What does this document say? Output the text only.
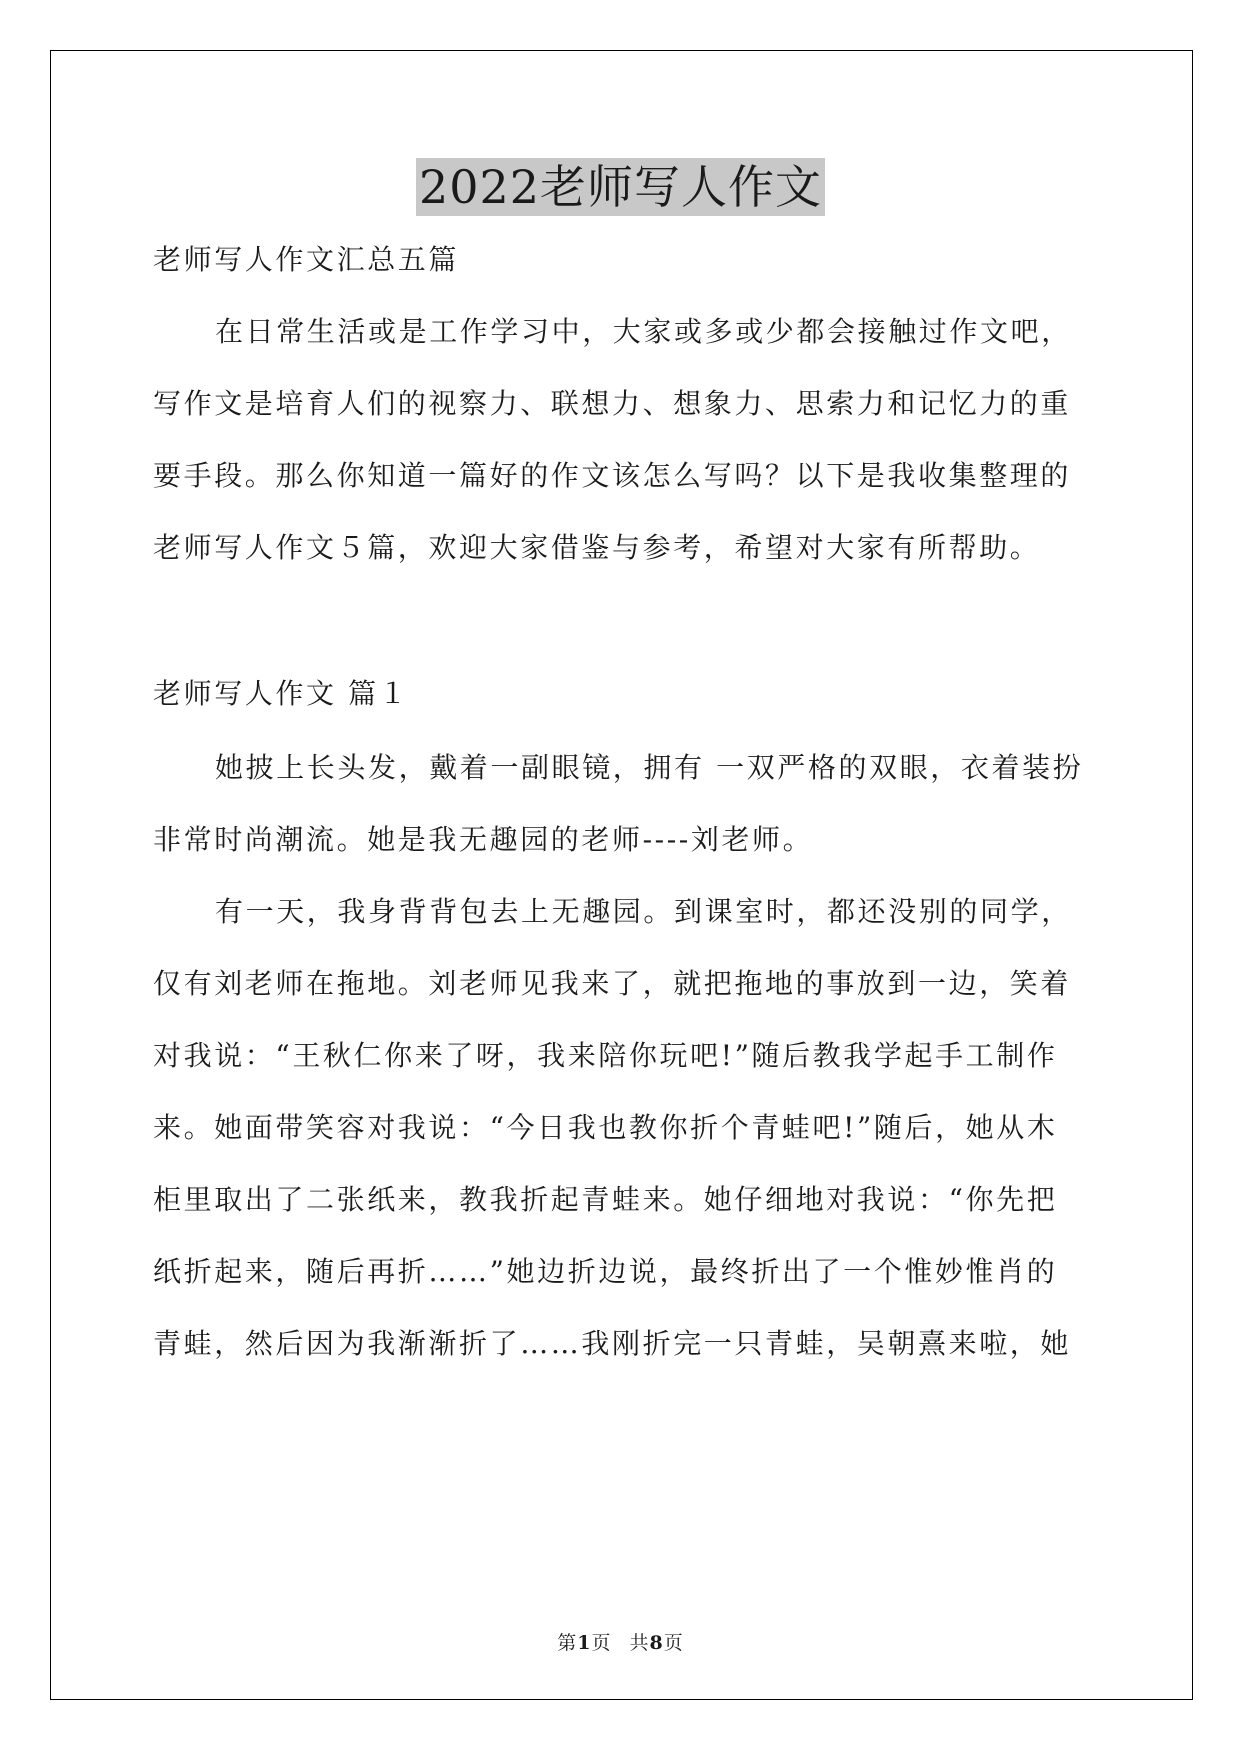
2022老师写人作文
老师写人作文汇总五篇
在日常生活或是工作学习中，大家或多或少都会接触过作文吧，
写作文是培育人们的视察力、联想力、想象力、思索力和记忆力的重
要手段。那么你知道一篇好的作文该怎么写吗？以下是我收集整理的
老师写人作文５篇，欢迎大家借鉴与参考，希望对大家有所帮助。
老师写人作文 篇１
她披上长头发，戴着一副眼镜，拥有 一双严格的双眼，衣着装扮
非常时尚潮流。她是我无趣园的老师----刘老师。
有一天，我身背背包去上无趣园。到课室时，都还没别的同学，
仅有刘老师在拖地。刘老师见我来了，就把拖地的事放到一边，笑着
对我说：“王秋仁你来了呀，我来陪你玩吧!”随后教我学起手工制作
来。她面带笑容对我说：“今日我也教你折个青蛙吧!”随后，她从木
柜里取出了二张纸来，教我折起青蛙来。她仔细地对我说：“你先把
纸折起来，随后再折……”她边折边说，最终折出了一个惟妙惟肖的
青蛙，然后因为我渐渐折了……我刚折完一只青蛙，吴朝熹来啦，她
第1页 共8页
